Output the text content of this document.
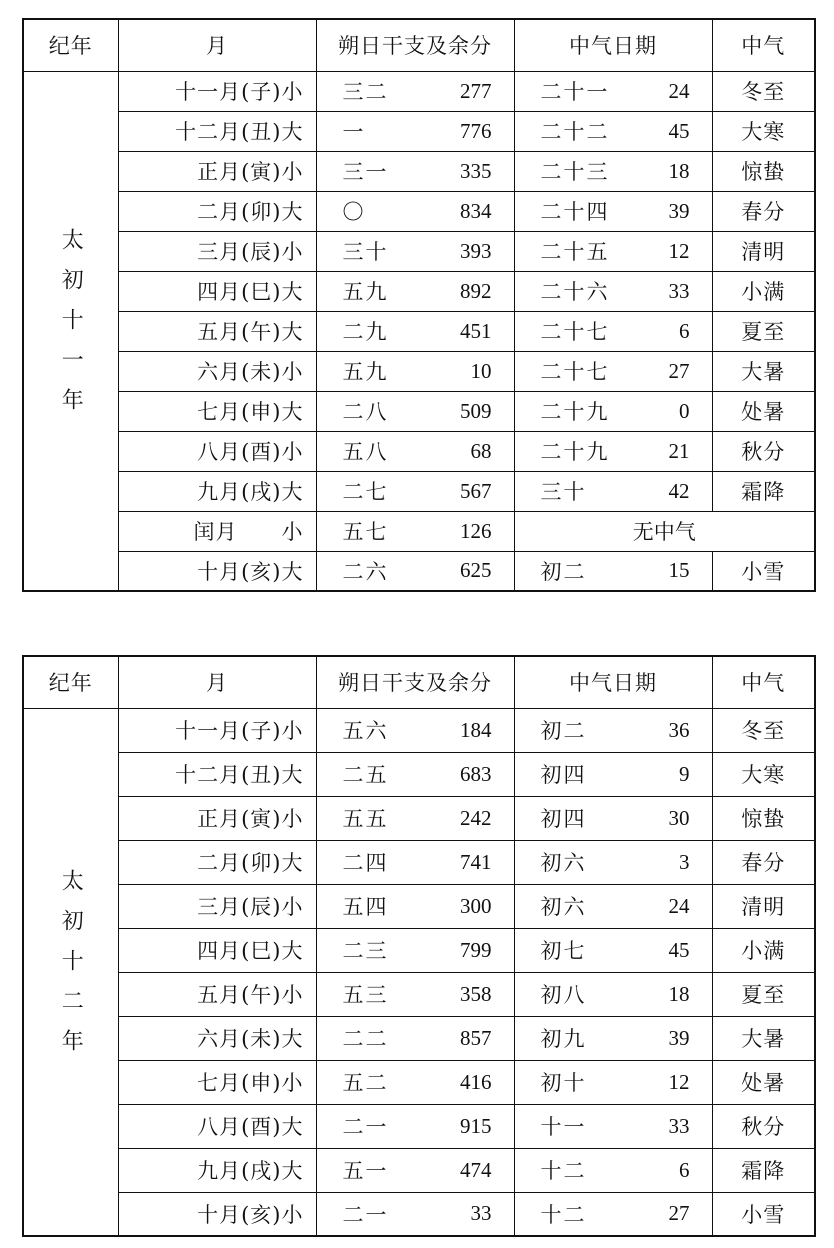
纪年	月	朔日干支及余分	中气日期	中气
太初十一年	十一月(子)小	三二 277	二十一 24	冬至
	十二月(丑)大	一 776	二十二 45	大寒
	正月(寅)小	三一 335	二十三 18	惊蛰
	二月(卯)大	〇 834	二十四 39	春分
	三月(辰)小	三十 393	二十五 12	清明
	四月(巳)大	五九 892	二十六 33	小满
	五月(午)大	二九 451	二十七 6	夏至
	六月(未)小	五九 10	二十七 27	大暑
	七月(申)大	二八 509	二十九 0	处暑
	八月(酉)小	五八 68	二十九 21	秋分
	九月(戌)大	二七 567	三十 42	霜降
	闰月　　小	五七 126	无中气	
	十月(亥)大	二六 625	初二 15	小雪
纪年	月	朔日干支及余分	中气日期	中气
太初十二年	十一月(子)小	五六 184	初二 36	冬至
	十二月(丑)大	二五 683	初四 9	大寒
	正月(寅)小	五五 242	初四 30	惊蛰
	二月(卯)大	二四 741	初六 3	春分
	三月(辰)小	五四 300	初六 24	清明
	四月(巳)大	二三 799	初七 45	小满
	五月(午)小	五三 358	初八 18	夏至
	六月(未)大	二二 857	初九 39	大暑
	七月(申)小	五二 416	初十 12	处暑
	八月(酉)大	二一 915	十一 33	秋分
	九月(戌)大	五一 474	十二 6	霜降
	十月(亥)小	二一 33	十二 27	小雪
